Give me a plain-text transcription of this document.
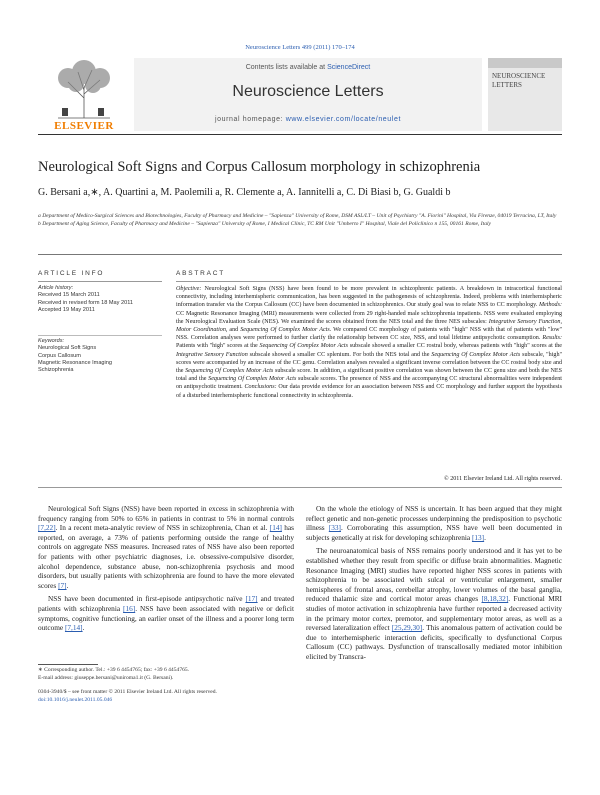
Neuroscience Letters 499 (2011) 170–174
ELSEVIER
Contents lists available at ScienceDirect
Neuroscience Letters
journal homepage: www.elsevier.com/locate/neulet
NEUROSCIENCE LETTERS
Neurological Soft Signs and Corpus Callosum morphology in schizophrenia
G. Bersani a,∗, A. Quartini a, M. Paolemili a, R. Clemente a, A. Iannitelli a, C. Di Biasi b, G. Gualdi b

a Department of Medico-Surgical Sciences and Biotechnologies, Faculty of Pharmacy and Medicine – "Sapienza" University of Rome, DSM ASL/LT – Unit of Psychiatry "A. Fiorini" Hospital, Via Firenze, 04019 Terracina, LT, Italy

b Department of Aging Science, Faculty of Pharmacy and Medicine – "Sapienza" University of Rome, I Medical Clinic, TC RM Unit "Umberto I" Hospital, Viale del Policlinico n 155, 00161 Rome, Italy

ARTICLE INFO	ABSTRACT
Article history:
Received 15 March 2011
Received in revised form 18 May 2011
Accepted 19 May 2011
Keywords:
Neurological Soft Signs
Corpus Callosum
Magnetic Resonance Imaging
Schizophrenia
Objective: Neurological Soft Signs (NSS) have been found to be more prevalent in schizophrenic patients. A breakdown in intracortical functional connectivity, including interhemispheric communication, has been suggested in the pathogenesis of schizophrenia. Indeed, problems with interhemispheric information transfer via the Corpus Callosum (CC) have been documented in schizophrenics. Our study goal was to relate NSS to CC morphology. Methods: CC Magnetic Resonance Imaging (MRI) measurements were collected from 29 right-handed male schizophrenia inpatients. NSS were evaluated employing the Neurological Evaluation Scale (NES). We examined the scores obtained from the NES total and the three NES subscales: Integrative Sensory Function, Motor Coordination, and Sequencing Of Complex Motor Acts. We compared CC morphology of patients with "high" NSS with that of patients with "low" NSS. Correlation analyses were performed to further clarify the relationship between CC size, NSS, and total lifetime antipsychotic consumption. Results: Patients with "high" scores at the Sequencing Of Complex Motor Acts subscale showed a smaller CC rostral body, whereas patients with "high" scores at the Integrative Sensory Function subscale showed a smaller CC splenium. For both the NES total and the Sequencing Of Complex Motor Acts subscale, "high" scores were accompanied by an increase of the CC genu. Correlation analyses revealed a significant inverse correlation between the CC rostral body size and the Sequencing Of Complex Motor Acts subscale score. In addition, a significant positive correlation was shown between the CC genu size and both the NES total and the Sequencing Of Complex Motor Acts subscale scores. The presence of NSS and the accompanying CC structural abnormalities were independent on antipsychotic treatment. Conclusions: Our data provide evidence for an association between NSS and CC morphology and further support the hypothesis of a disturbed interhemispheric functional connectivity in schizophrenia.
© 2011 Elsevier Ireland Ltd. All rights reserved.

Neurological Soft Signs (NSS) have been reported in excess in schizophrenia with frequency ranging from 50% to 65% in patients in contrast to 5% in normal controls [7,22]. In a recent meta-analytic review of NSS in schizophrenia, Chan et al. [14] has reported, on average, a 73% of patients performing outside the range of healthy controls on aggregate NSS measures. Increased rates of NSS have also been reported for patients with other psychiatric diagnoses, i.e. obsessive-compulsive disorder, alcohol dependence, substance abuse, non-schizophrenia psychosis and mood disorders, but usually patients with schizophrenia are found to have the more elevated scores [7].

NSS have been documented in first-episode antipsychotic naïve [17] and treated patients with schizophrenia [16]. NSS have been associated with negative or deficit symptoms, cognitive functioning, an earlier onset of the illness and a poorer long term outcome [7,14].

On the whole the etiology of NSS is uncertain. It has been argued that they might reflect genetic and non-genetic processes underpinning the predisposition to psychotic illness [33]. Corroborating this assumption, NSS have well been documented in subjects genetically at risk for developing schizophrenia [13].

The neuroanatomical basis of NSS remains poorly understood and it has yet to be established whether they result from specific or diffuse brain abnormalities. Magnetic Resonance Imaging (MRI) studies have reported higher NSS scores in patients with schizophrenia to be associated with sulcal or ventricular enlargement, smaller hemispheres of frontal areas, cerebellar atrophy, lower volumes of the basal ganglia, reduced thalamic size and cortical motor areas changes [8,18,32]. Functional MRI studies of motor activation in schizophrenia have further reported a decreased activity in the primary motor cortex, premotor, and supplementary motor areas, as well as a reversed lateralization effect [25,29,30]. This anomalous pattern of activation could be due to interhemispheric interaction deficits, specifically to dysfunctional Corpus Callosum (CC) pathways. Dysfunction of transcallosally mediated motor inhibition elicited by Transcra-

∗ Corresponding author. Tel.: +39 6 4454765; fax: +39 6 4454765.
E-mail address: giuseppe.bersani@uniroma1.it (G. Bersani).
0304-3940/$ – see front matter © 2011 Elsevier Ireland Ltd. All rights reserved.
doi:10.1016/j.neulet.2011.05.046
